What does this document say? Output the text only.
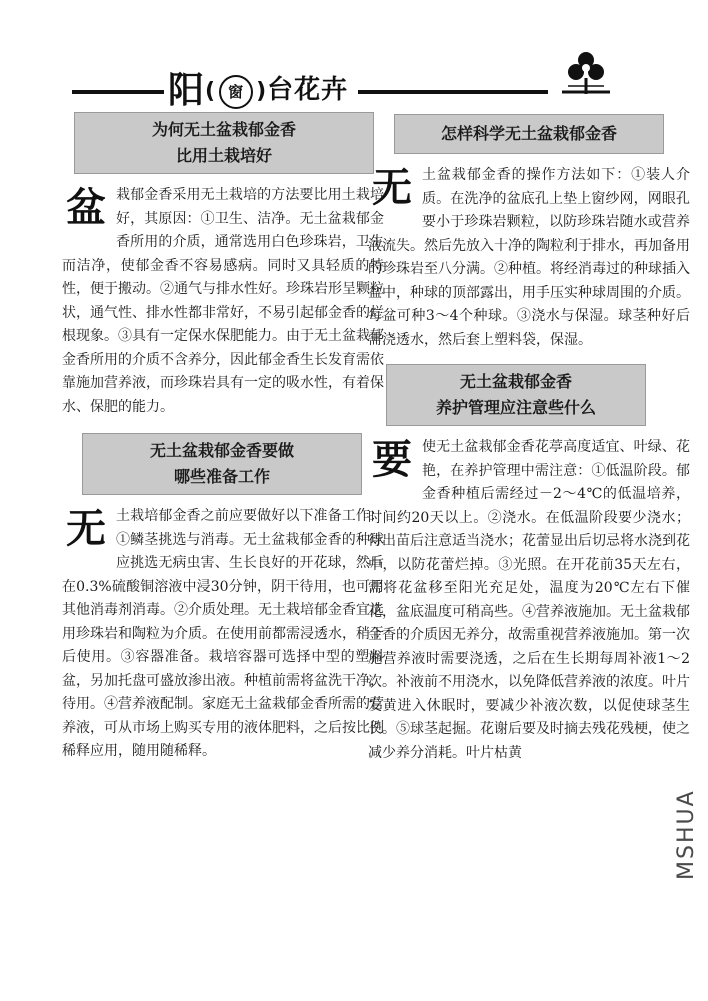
阳( 窗 )台花卉
为何无土盆栽郁金香
比用土栽培好

盆栽郁金香采用无土栽培的方法要比用土栽培好，其原因：①卫生、洁净。无土盆栽郁金香所用的介质，通常选用白色珍珠岩，卫生而洁净，使郁金香不容易感病。同时又具轻质的特性，便于搬动。②通气与排水性好。珍珠岩形呈颗粒状，通气性、排水性都非常好，不易引起郁金香的烂根现象。③具有一定保水保肥能力。由于无土盆栽郁金香所用的介质不含养分，因此郁金香生长发育需依靠施加营养液，而珍珠岩具有一定的吸水性，有着保水、保肥的能力。

无土盆栽郁金香要做
哪些准备工作

无土栽培郁金香之前应要做好以下准备工作：①鳞茎挑选与消毒。无土盆栽郁金香的种球应挑选无病虫害、生长良好的开花球，然后在0.3%硫酸铜溶液中浸30分钟，阴干待用，也可用其他消毒剂消毒。②介质处理。无土栽培郁金香宜选用珍珠岩和陶粒为介质。在使用前都需浸透水，稍干后使用。③容器准备。栽培容器可选择中型的塑料盆，另加托盘可盛放渗出液。种植前需将盆洗干净，待用。④营养液配制。家庭无土盆栽郁金香所需的营养液，可从市场上购买专用的液体肥料，之后按比例稀释应用，随用随稀释。

怎样科学无土盆栽郁金香

无土盆栽郁金香的操作方法如下：①装人介质。在洗净的盆底孔上垫上窗纱网，网眼孔要小于珍珠岩颗粒，以防珍珠岩随水或营养液流失。然后先放入十净的陶粒利于排水，再加备用的珍珠岩至八分满。②种植。将经消毒过的种球插入盆中，种球的顶部露出，用手压实种球周围的介质。每盆可种3～4个种球。③浇水与保湿。球茎种好后需浇透水，然后套上塑料袋，保湿。

无土盆栽郁金香
养护管理应注意些什么

要使无土盆栽郁金香花葶高度适宜、叶绿、花艳，在养护管理中需注意：①低温阶段。郁金香种植后需经过－2～4℃的低温培养，时间约20天以上。②浇水。在低温阶段要少浇水；待出苗后注意适当浇水；花蕾显出后切忌将水浇到花中，以防花蕾烂掉。③光照。在开花前35天左右，需将花盆移至阳光充足处，温度为20℃左右下催花，盆底温度可稍高些。④营养液施加。无土盆栽郁金香的介质因无养分，故需重视营养液施加。第一次施营养液时需要浇透，之后在生长期每周补液1～2次。补液前不用浇水，以免降低营养液的浓度。叶片发黄进入休眠时，要减少补液次数，以促使球茎生长。⑤球茎起掘。花谢后要及时摘去残花残梗，使之减少养分消耗。叶片枯黄

MSHUA
